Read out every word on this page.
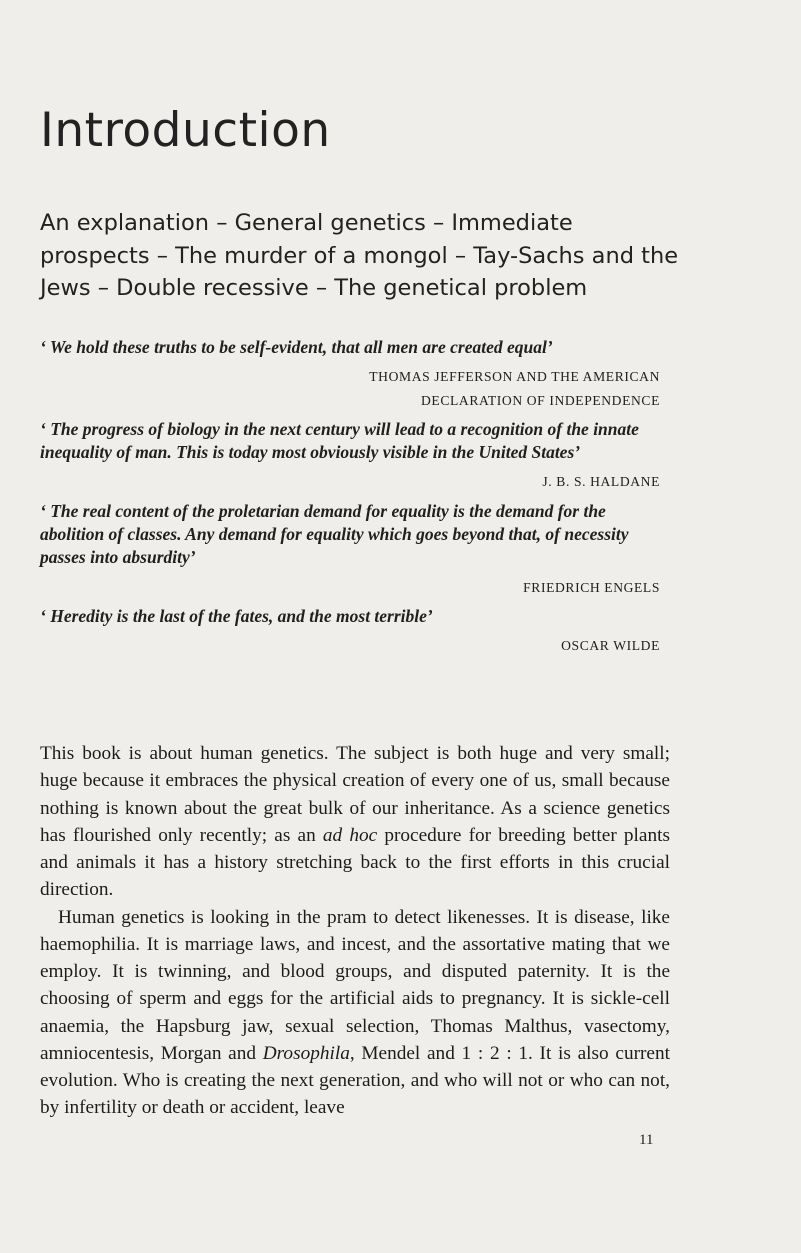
Introduction

An explanation – General genetics – Immediate prospects – The murder of a mongol – Tay-Sachs and the Jews – Double recessive – The genetical problem

‘ We hold these truths to be self-evident, that all men are created equal’

THOMAS JEFFERSON AND THE AMERICAN

DECLARATION OF INDEPENDENCE

‘ The progress of biology in the next century will lead to a recognition of the innate inequality of man. This is today most obviously visible in the United States’

J. B. S. HALDANE

‘ The real content of the proletarian demand for equality is the demand for the abolition of classes. Any demand for equality which goes beyond that, of necessity passes into absurdity’

FRIEDRICH ENGELS

‘ Heredity is the last of the fates, and the most terrible’

OSCAR WILDE

This book is about human genetics. The subject is both huge and very small; huge because it embraces the physical creation of every one of us, small because nothing is known about the great bulk of our inheritance. As a science genetics has flourished only recently; as an ad hoc procedure for breeding better plants and animals it has a history stretching back to the first efforts in this crucial direction.

Human genetics is looking in the pram to detect likenesses. It is disease, like haemophilia. It is marriage laws, and incest, and the assortative mating that we employ. It is twinning, and blood groups, and disputed paternity. It is the choosing of sperm and eggs for the artificial aids to pregnancy. It is sickle-cell anaemia, the Hapsburg jaw, sexual selection, Thomas Malthus, vasectomy, amniocentesis, Morgan and Drosophila, Mendel and 1 : 2 : 1. It is also current evolution. Who is creating the next generation, and who will not or who can not, by infertility or death or accident, leave

11
